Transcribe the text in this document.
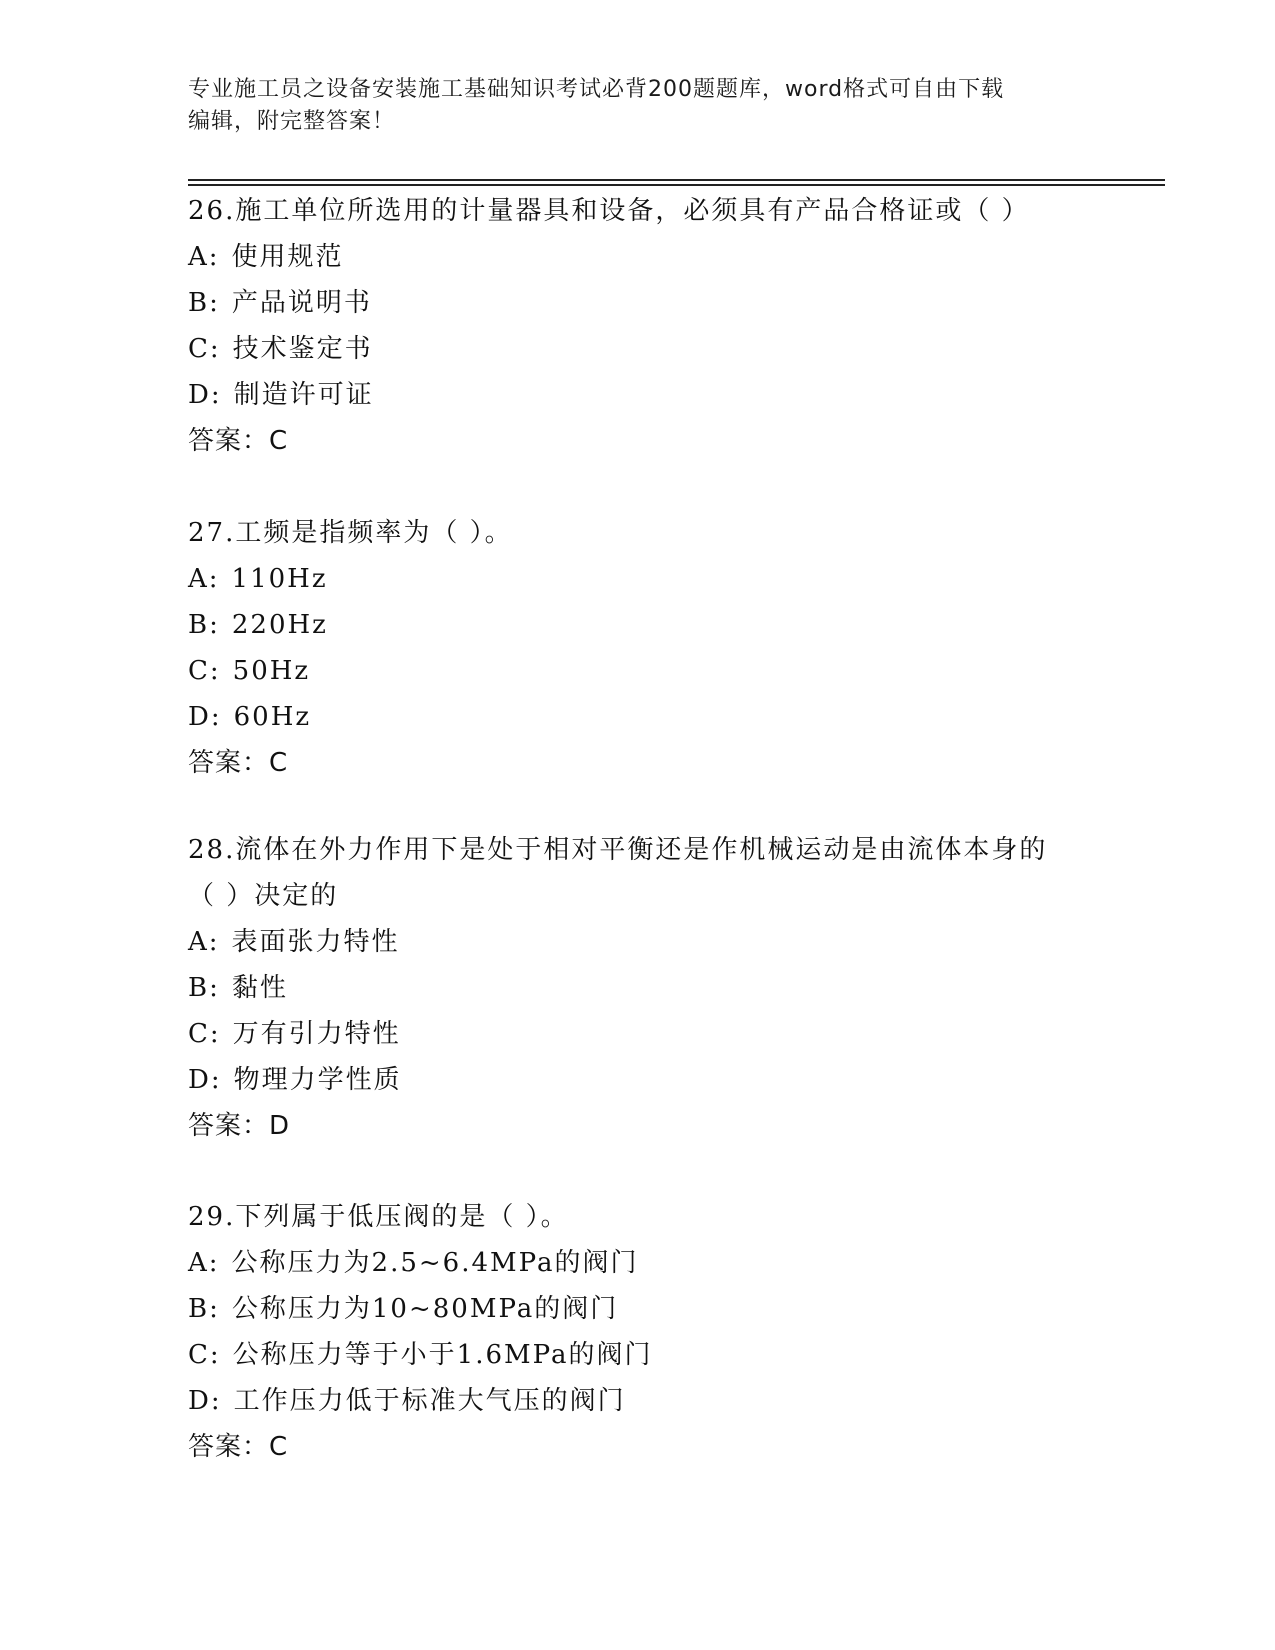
专业施工员之设备安装施工基础知识考试必背200题题库，word格式可自由下载
编辑，附完整答案！
26.施工单位所选用的计量器具和设备，必须具有产品合格证或（ ）
A: 使用规范
B: 产品说明书
C: 技术鉴定书
D: 制造许可证
答案：C
27.工频是指频率为（ ）。
A: 110Hz
B: 220Hz
C: 50Hz
D: 60Hz
答案：C
28.流体在外力作用下是处于相对平衡还是作机械运动是由流体本身的
（ ）决定的
A: 表面张力特性
B: 黏性
C: 万有引力特性
D: 物理力学性质
答案：D
29.下列属于低压阀的是（ ）。
A: 公称压力为2.5~6.4MPa的阀门
B: 公称压力为10~80MPa的阀门
C: 公称压力等于小于1.6MPa的阀门
D: 工作压力低于标准大气压的阀门
答案：C
